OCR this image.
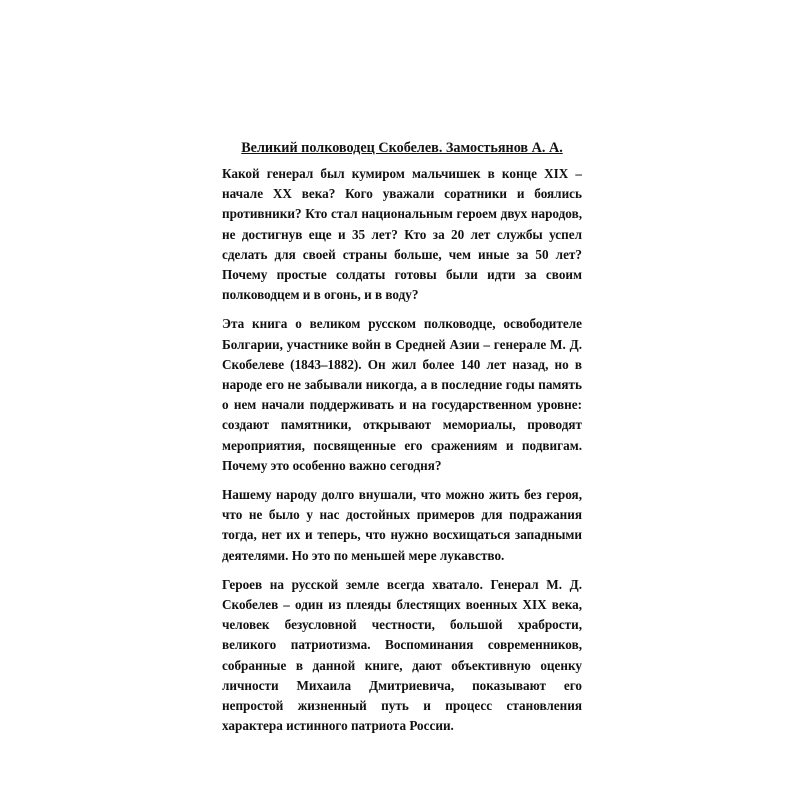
Великий полководец Скобелев. Замостьянов А. А.

Какой генерал был кумиром мальчишек в конце XIX – начале XX века? Кого уважали соратники и боялись противники? Кто стал национальным героем двух народов, не достигнув еще и 35 лет? Кто за 20 лет службы успел сделать для своей страны больше, чем иные за 50 лет? Почему простые солдаты готовы были идти за своим полководцем и в огонь, и в воду?

Эта книга о великом русском полководце, освободителе Болгарии, участнике войн в Средней Азии – генерале М. Д. Скобелеве (1843–1882). Он жил более 140 лет назад, но в народе его не забывали никогда, а в последние годы память о нем начали поддерживать и на государственном уровне: создают памятники, открывают мемориалы, проводят мероприятия, посвященные его сражениям и подвигам. Почему это особенно важно сегодня?

Нашему народу долго внушали, что можно жить без героя, что не было у нас достойных примеров для подражания тогда, нет их и теперь, что нужно восхищаться западными деятелями. Но это по меньшей мере лукавство.

Героев на русской земле всегда хватало. Генерал М. Д. Скобелев – один из плеяды блестящих военных XIX века, человек безусловной честности, большой храбрости, великого патриотизма. Воспоминания современников, собранные в данной книге, дают объективную оценку личности Михаила Дмитриевича, показывают его непростой жизненный путь и процесс становления характера истинного патриота России.
